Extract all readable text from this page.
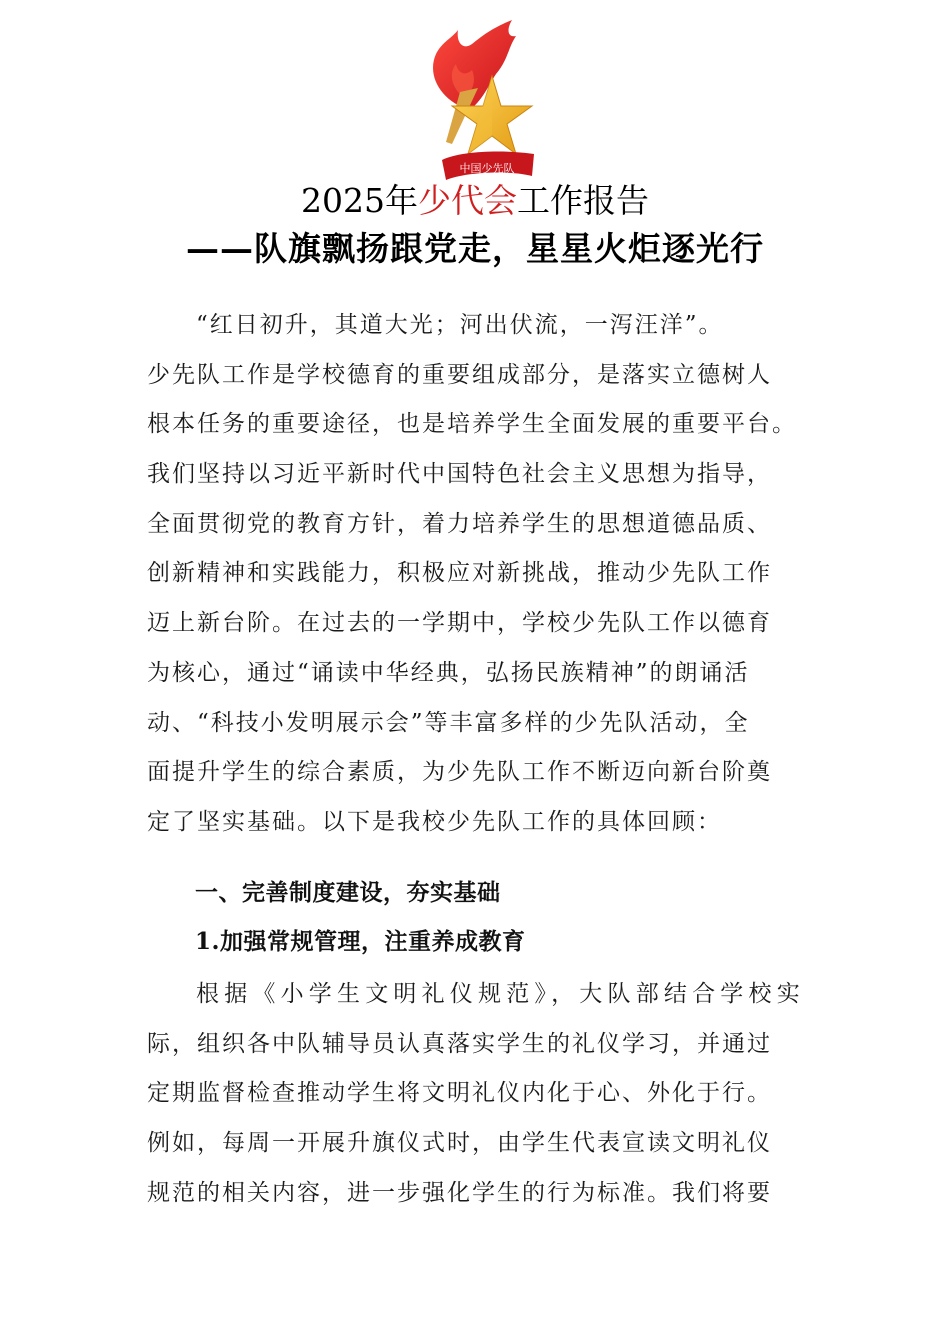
中国少先队
2025年少代会工作报告
——队旗飘扬跟党走，星星火炬逐光行
“红日初升，其道大光；河出伏流，一泻汪洋”。
少先队工作是学校德育的重要组成部分，是落实立德树人
根本任务的重要途径，也是培养学生全面发展的重要平台。
我们坚持以习近平新时代中国特色社会主义思想为指导，
全面贯彻党的教育方针，着力培养学生的思想道德品质、
创新精神和实践能力，积极应对新挑战，推动少先队工作
迈上新台阶。在过去的一学期中，学校少先队工作以德育
为核心，通过“诵读中华经典，弘扬民族精神”的朗诵活
动、“科技小发明展示会”等丰富多样的少先队活动，全
面提升学生的综合素质，为少先队工作不断迈向新台阶奠
定了坚实基础。以下是我校少先队工作的具体回顾：
一、完善制度建设，夯实基础
1.加强常规管理，注重养成教育
根据《小学生文明礼仪规范》，大队部结合学校实
际，组织各中队辅导员认真落实学生的礼仪学习，并通过
定期监督检查推动学生将文明礼仪内化于心、外化于行。
例如，每周一开展升旗仪式时，由学生代表宣读文明礼仪
规范的相关内容，进一步强化学生的行为标准。我们将要
